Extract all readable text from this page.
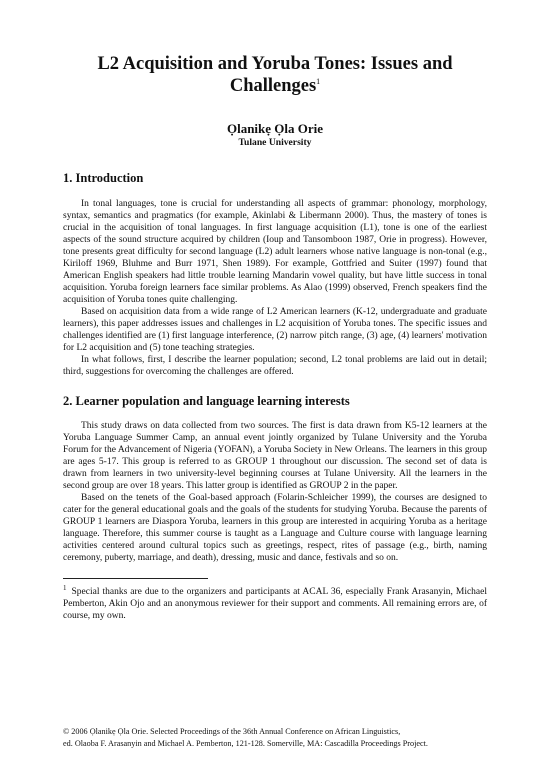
L2 Acquisition and Yoruba Tones: Issues and
Challenges$^1$
Ọlanikẹ Ọla Orie
Tulane University
1. Introduction

In tonal languages, tone is crucial for understanding all aspects of grammar: phonology, morphology, syntax, semantics and pragmatics (for example, Akinlabi & Libermann 2000). Thus, the mastery of tones is crucial in the acquisition of tonal languages. In first language acquisition (L1), tone is one of the earliest aspects of the sound structure acquired by children (Ioup and Tansomboon 1987, Orie in progress). However, tone presents great difficulty for second language (L2) adult learners whose native language is non-tonal (e.g., Kiriloff 1969, Bluhme and Burr 1971, Shen 1989). For example, Gottfried and Suiter (1997) found that American English speakers had little trouble learning Mandarin vowel quality, but have little success in tonal acquisition. Yoruba foreign learners face similar problems. As Alao (1999) observed, French speakers find the acquisition of Yoruba tones quite challenging.

Based on acquisition data from a wide range of L2 American learners (K-12, undergraduate and graduate learners), this paper addresses issues and challenges in L2 acquisition of Yoruba tones. The specific issues and challenges identified are (1) first language interference, (2) narrow pitch range, (3) age, (4) learners' motivation for L2 acquisition and (5) tone teaching strategies.

In what follows, first, I describe the learner population; second, L2 tonal problems are laid out in detail; third, suggestions for overcoming the challenges are offered.

2. Learner population and language learning interests

This study draws on data collected from two sources. The first is data drawn from K5-12 learners at the Yoruba Language Summer Camp, an annual event jointly organized by Tulane University and the Yoruba Forum for the Advancement of Nigeria (YOFAN), a Yoruba Society in New Orleans. The learners in this group are ages 5-17. This group is referred to as GROUP 1 throughout our discussion. The second set of data is drawn from learners in two university-level beginning courses at Tulane University. All the learners in the second group are over 18 years. This latter group is identified as GROUP 2 in the paper.

Based on the tenets of the Goal-based approach (Folarin-Schleicher 1999), the courses are designed to cater for the general educational goals and the goals of the students for studying Yoruba. Because the parents of GROUP 1 learners are Diaspora Yoruba, learners in this group are interested in acquiring Yoruba as a heritage language. Therefore, this summer course is taught as a Language and Culture course with language learning activities centered around cultural topics such as greetings, respect, rites of passage (e.g., birth, naming ceremony, puberty, marriage, and death), dressing, music and dance, festivals and so on.

$^1$ Special thanks are due to the organizers and participants at ACAL 36, especially Frank Arasanyin, Michael Pemberton, Akin Ojo and an anonymous reviewer for their support and comments. All remaining errors are, of course, my own.
© 2006 Ọlanikẹ Ọla Orie. Selected Proceedings of the 36th Annual Conference on African Linguistics,
ed. Olaoba F. Arasanyin and Michael A. Pemberton, 121-128. Somerville, MA: Cascadilla Proceedings Project.
